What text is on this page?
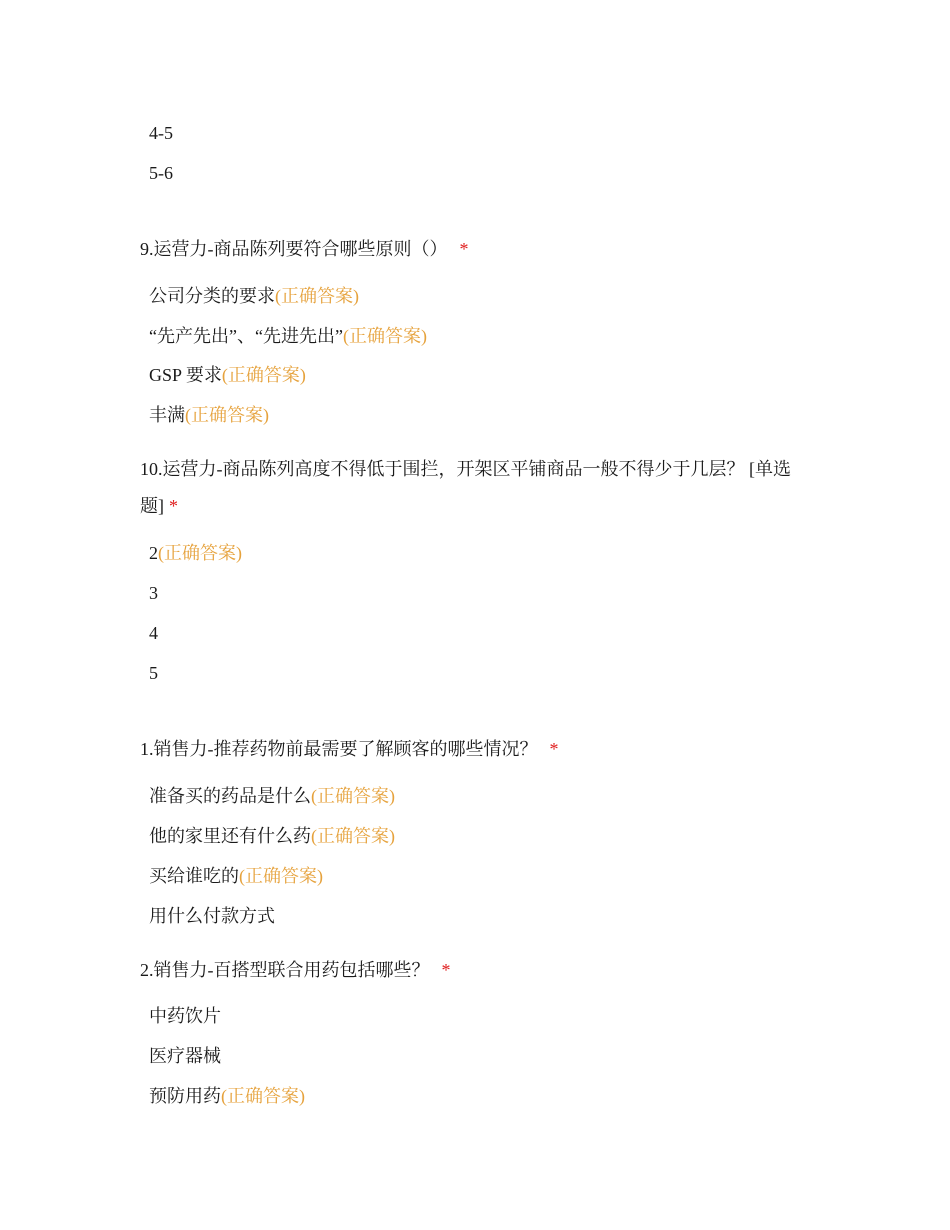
4-5
5-6
9.运营力-商品陈列要符合哪些原则（） *
公司分类的要求(正确答案)
“先产先出”、“先进先出”(正确答案)
GSP 要求(正确答案)
丰满(正确答案)
10.运营力-商品陈列高度不得低于围拦，开架区平铺商品一般不得少于几层？ [单选题] *
2(正确答案)
3
4
5
1.销售力-推荐药物前最需要了解顾客的哪些情况？ *
准备买的药品是什么(正确答案)
他的家里还有什么药(正确答案)
买给谁吃的(正确答案)
用什么付款方式
2.销售力-百搭型联合用药包括哪些？ *
中药饮片
医疗器械
预防用药(正确答案)
